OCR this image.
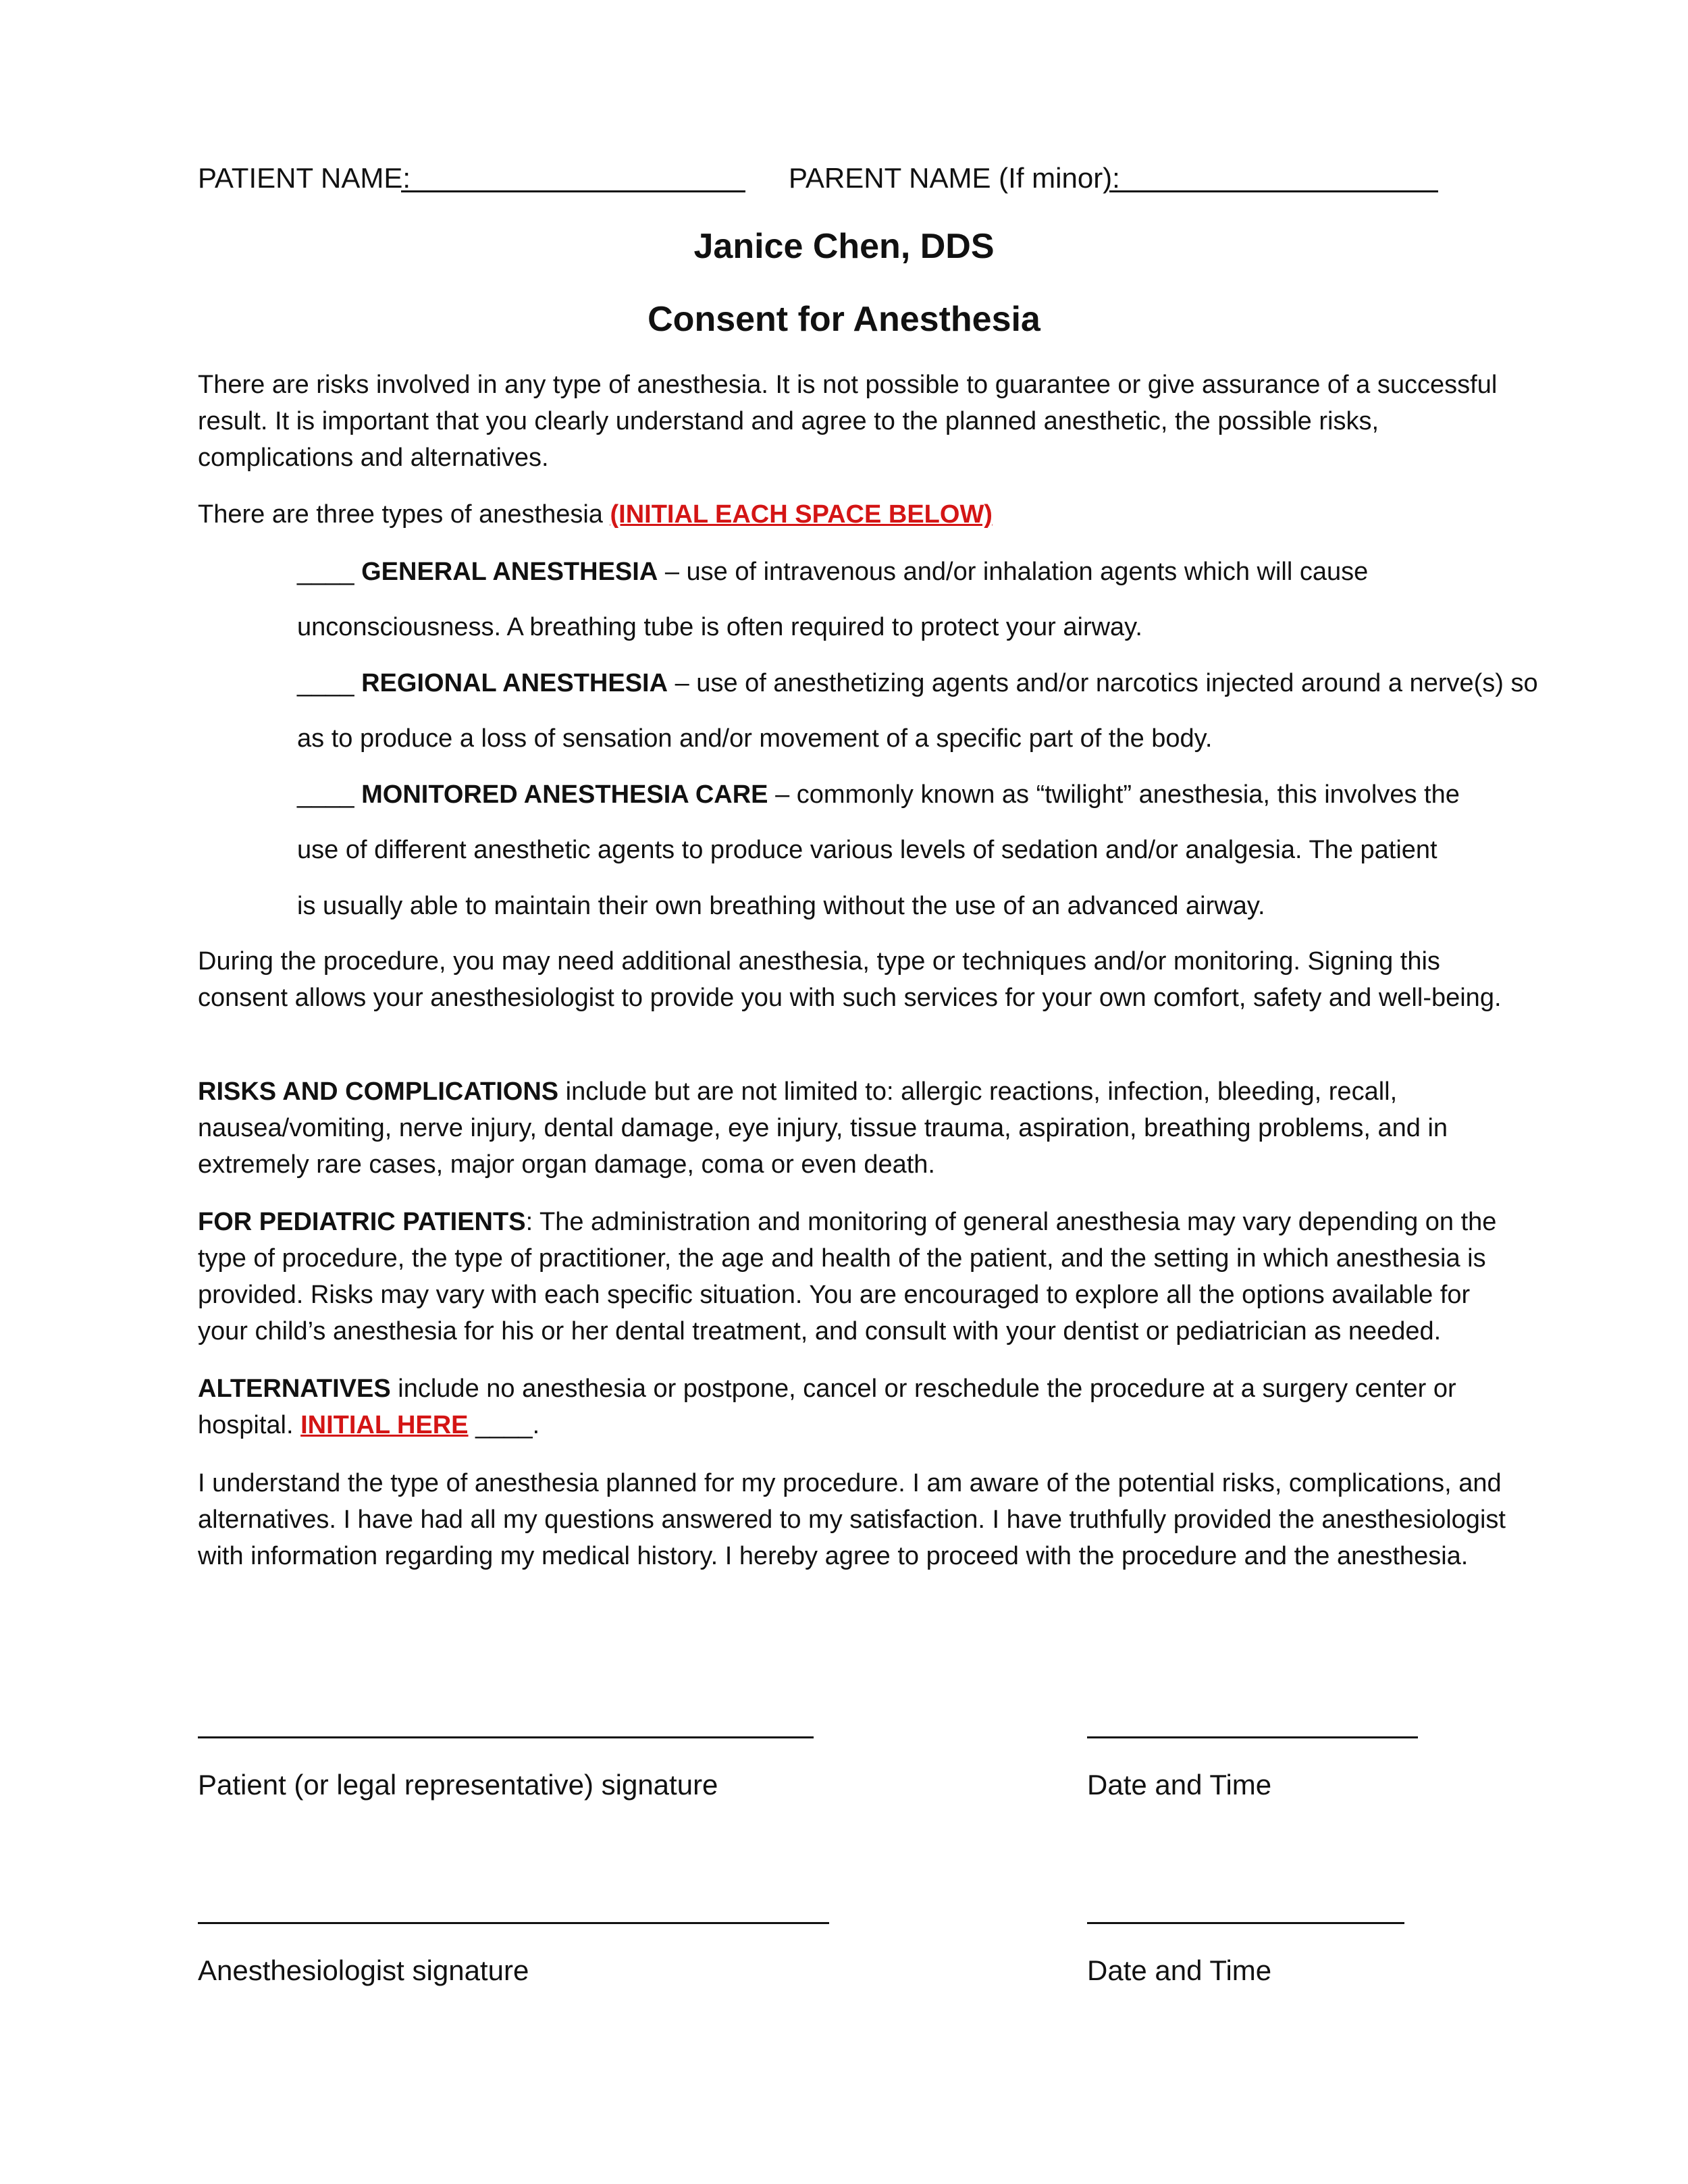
PATIENT NAME:	PARENT NAME (If minor):
Janice Chen, DDS
Consent for Anesthesia
There are risks involved in any type of anesthesia. It is not possible to guarantee or give assurance of a successful result. It is important that you clearly understand and agree to the planned anesthetic, the possible risks, complications and alternatives.
There are three types of anesthesia (INITIAL EACH SPACE BELOW)
____ GENERAL ANESTHESIA – use of intravenous and/or inhalation agents which will cause
unconsciousness. A breathing tube is often required to protect your airway.
____ REGIONAL ANESTHESIA – use of anesthetizing agents and/or narcotics injected around a nerve(s) so
as to produce a loss of sensation and/or movement of a specific part of the body.
____ MONITORED ANESTHESIA CARE – commonly known as “twilight” anesthesia, this involves the
use of different anesthetic agents to produce various levels of sedation and/or analgesia. The patient
is usually able to maintain their own breathing without the use of an advanced airway.
During the procedure, you may need additional anesthesia, type or techniques and/or monitoring. Signing this consent allows your anesthesiologist to provide you with such services for your own comfort, safety and well-being.
RISKS AND COMPLICATIONS include but are not limited to: allergic reactions, infection, bleeding, recall, nausea/vomiting, nerve injury, dental damage, eye injury, tissue trauma, aspiration, breathing problems, and in extremely rare cases, major organ damage, coma or even death.
FOR PEDIATRIC PATIENTS: The administration and monitoring of general anesthesia may vary depending on the type of procedure, the type of practitioner, the age and health of the patient, and the setting in which anesthesia is provided. Risks may vary with each specific situation. You are encouraged to explore all the options available for your child’s anesthesia for his or her dental treatment, and consult with your dentist or pediatrician as needed.
ALTERNATIVES include no anesthesia or postpone, cancel or reschedule the procedure at a surgery center or hospital. INITIAL HERE ____.
I understand the type of anesthesia planned for my procedure. I am aware of the potential risks, complications, and alternatives. I have had all my questions answered to my satisfaction. I have truthfully provided the anesthesiologist with information regarding my medical history. I hereby agree to proceed with the procedure and the anesthesia.
Patient (or legal representative) signature	Date and Time
Anesthesiologist signature	Date and Time
